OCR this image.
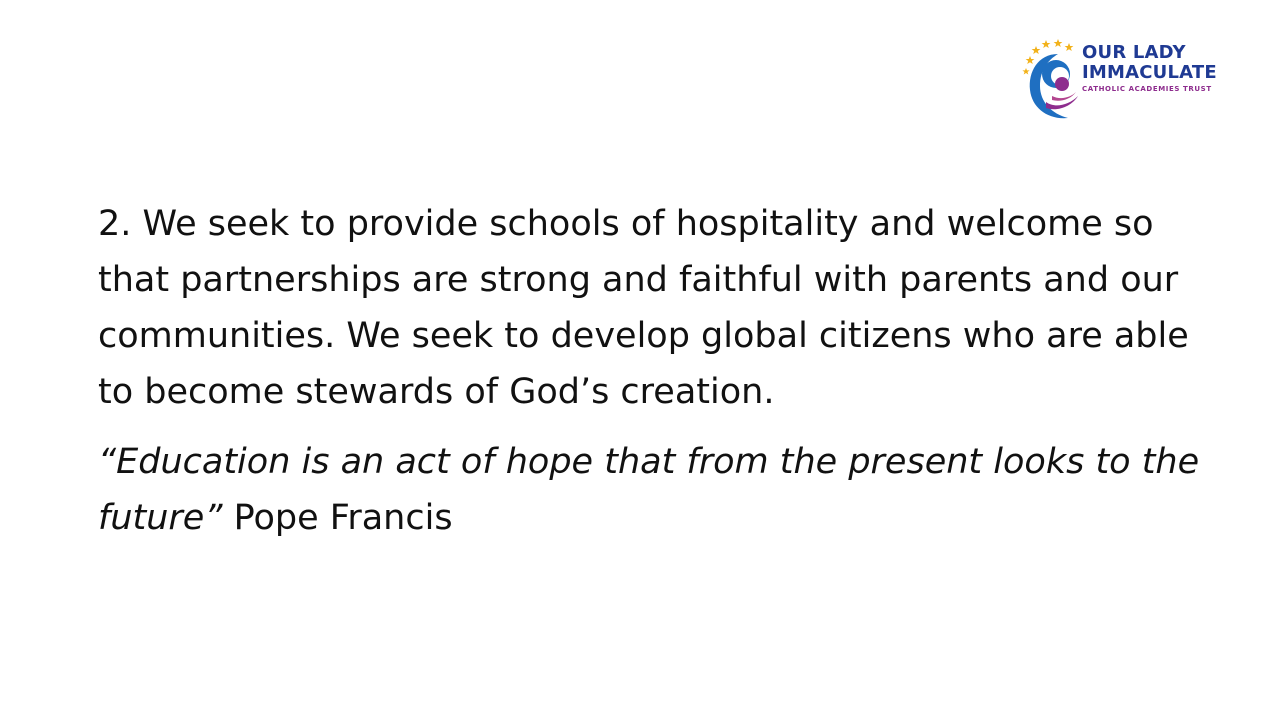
OUR LADY
IMMACULATE
CATHOLIC ACADEMIES TRUST

2. We seek to provide schools of hospitality and welcome so that partnerships are strong and faithful with parents and our communities. We seek to develop global citizens who are able to become stewards of God’s creation.

“Education is an act of hope that from the present looks to the future” Pope Francis
